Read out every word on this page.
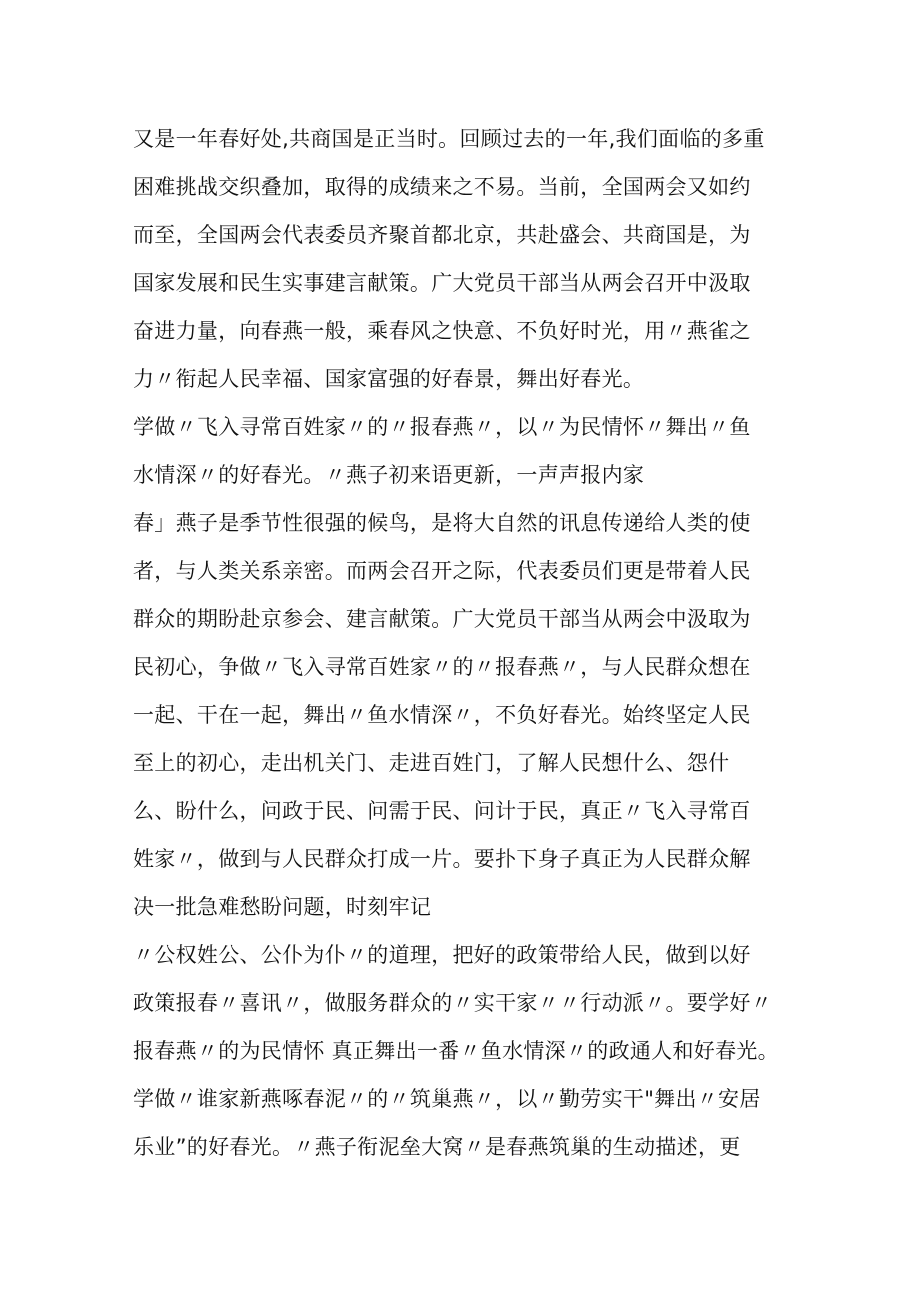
又是一年春好处,共商国是正当时。回顾过去的一年,我们面临的多重

困难挑战交织叠加，取得的成绩来之不易。当前，全国两会又如约

而至，全国两会代表委员齐聚首都北京，共赴盛会、共商国是，为

国家发展和民生实事建言献策。广大党员干部当从两会召开中汲取

奋进力量，向春燕一般，乘春风之快意、不负好时光，用〃燕雀之

力〃衔起人民幸福、国家富强的好春景，舞出好春光。

学做〃飞入寻常百姓家〃的〃报春燕〃，以〃为民情怀〃舞出〃鱼

水情深〃的好春光。〃燕子初来语更新，一声声报内家

春」燕子是季节性很强的候鸟，是将大自然的讯息传递给人类的使

者，与人类关系亲密。而两会召开之际，代表委员们更是带着人民

群众的期盼赴京参会、建言献策。广大党员干部当从两会中汲取为

民初心，争做〃飞入寻常百姓家〃的〃报春燕〃，与人民群众想在

一起、干在一起，舞出〃鱼水情深〃，不负好春光。始终坚定人民

至上的初心，走出机关门、走进百姓门，了解人民想什么、怨什

么、盼什么，问政于民、问需于民、问计于民，真正〃飞入寻常百

姓家〃，做到与人民群众打成一片。要扑下身子真正为人民群众解

决一批急难愁盼问题，时刻牢记

〃公权姓公、公仆为仆〃的道理，把好的政策带给人民，做到以好

政策报春〃喜讯〃，做服务群众的〃实干家〃〃行动派〃。要学好〃

报春燕〃的为民情怀 真正舞出一番〃鱼水情深〃的政通人和好春光。

学做〃谁家新燕啄春泥〃的〃筑巢燕〃，以〃勤劳实干"舞出〃安居

乐业”的好春光。〃燕子衔泥垒大窝〃是春燕筑巢的生动描述，更
